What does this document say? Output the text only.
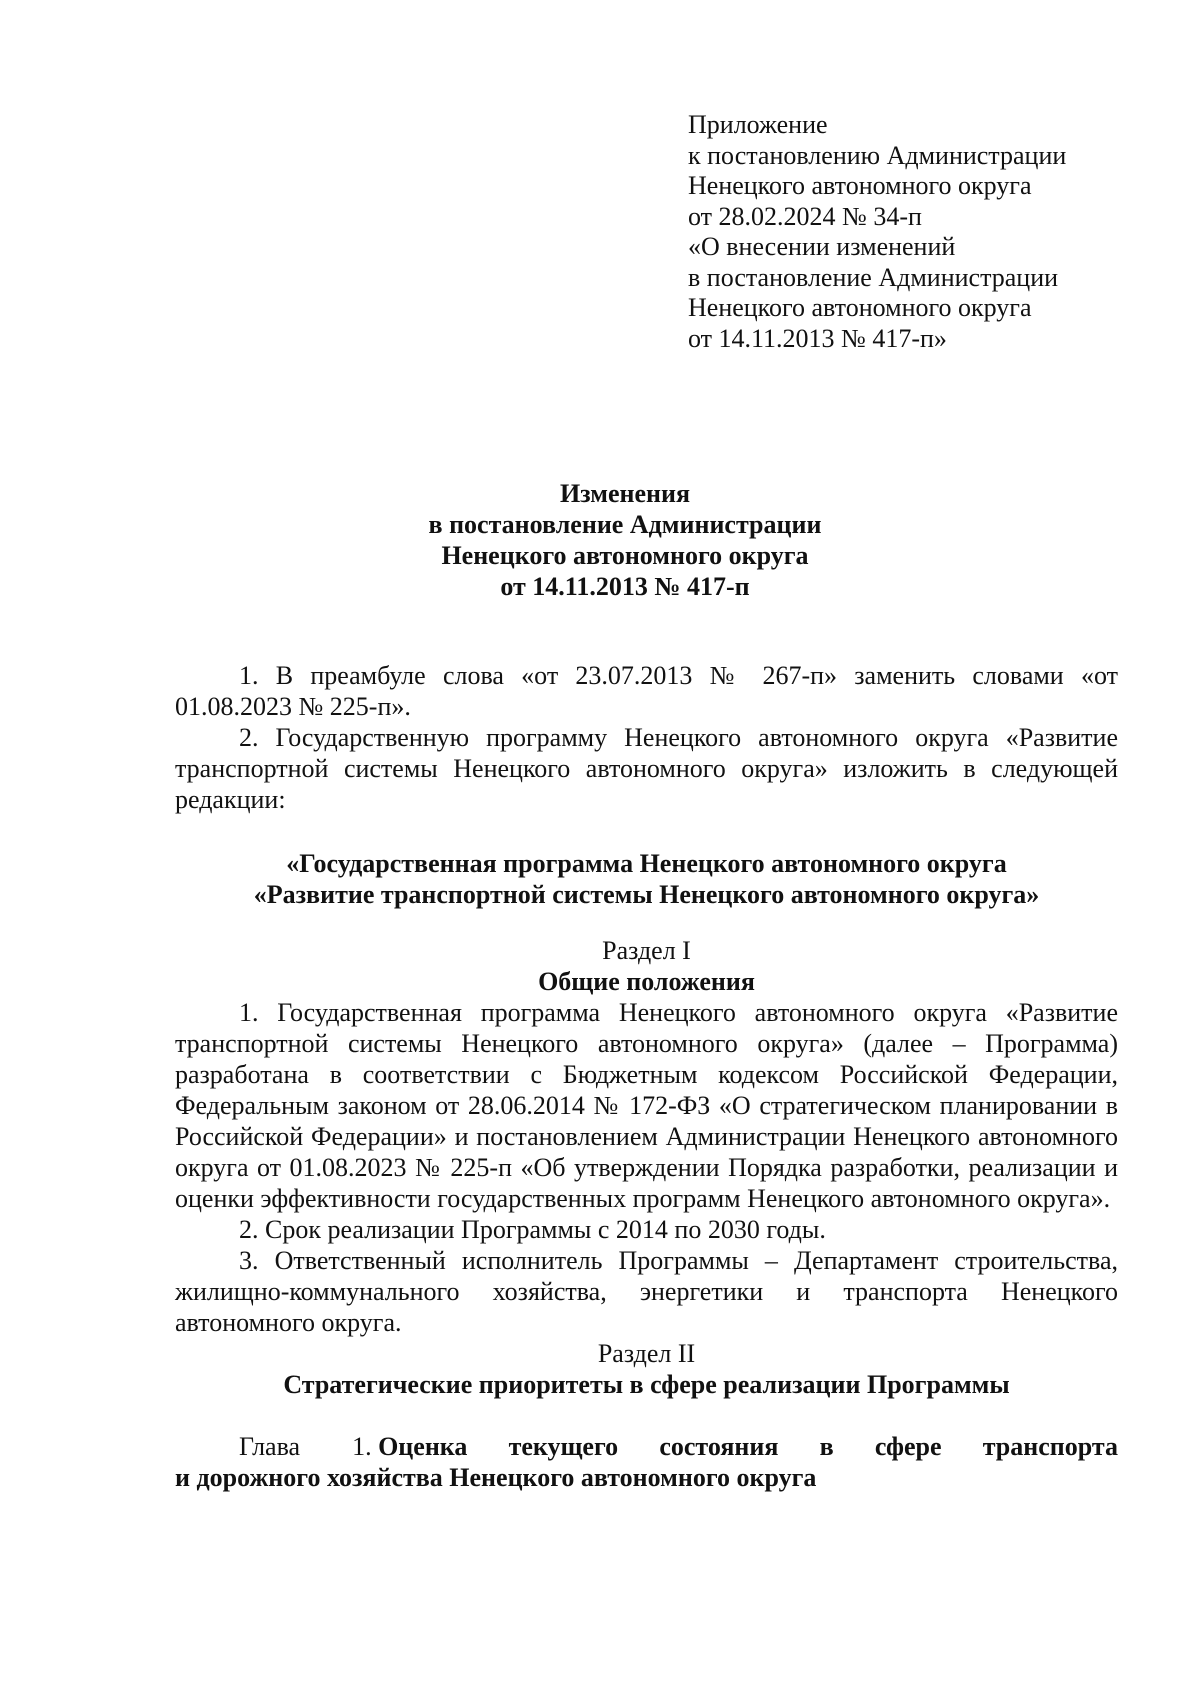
Приложение
к постановлению Администрации
Ненецкого автономного округа
от 28.02.2024 № 34-п
«О внесении изменений
в постановление Администрации
Ненецкого автономного округа
от 14.11.2013 № 417-п»
Изменения
в постановление Администрации
Ненецкого автономного округа
от 14.11.2013 № 417-п

1. В преамбуле слова «от 23.07.2013 № 267-п» заменить словами «от 01.08.2023 № 225-п».

2. Государственную программу Ненецкого автономного округа «Развитие транспортной системы Ненецкого автономного округа» изложить в следующей редакции:

«Государственная программа Ненецкого автономного округа

«Развитие транспортной системы Ненецкого автономного округа»

Раздел I

Общие положения

1. Государственная программа Ненецкого автономного округа «Развитие транспортной системы Ненецкого автономного округа» (далее – Программа) разработана в соответствии с Бюджетным кодексом Российской Федерации, Федеральным законом от 28.06.2014 № 172-ФЗ «О стратегическом планировании в Российской Федерации» и постановлением Администрации Ненецкого автономного округа от 01.08.2023 № 225-п «Об утверждении Порядка разработки, реализации и оценки эффективности государственных программ Ненецкого автономного округа».

2. Срок реализации Программы с 2014 по 2030 годы.

3. Ответственный исполнитель Программы – Департамент строительства, жилищно-коммунального хозяйства, энергетики и транспорта Ненецкого автономного округа.

Раздел II

Стратегические приоритеты в сфере реализации Программы

Глава 1. Оценка текущего состояния в сфере транспорта

и дорожного хозяйства Ненецкого автономного округа
